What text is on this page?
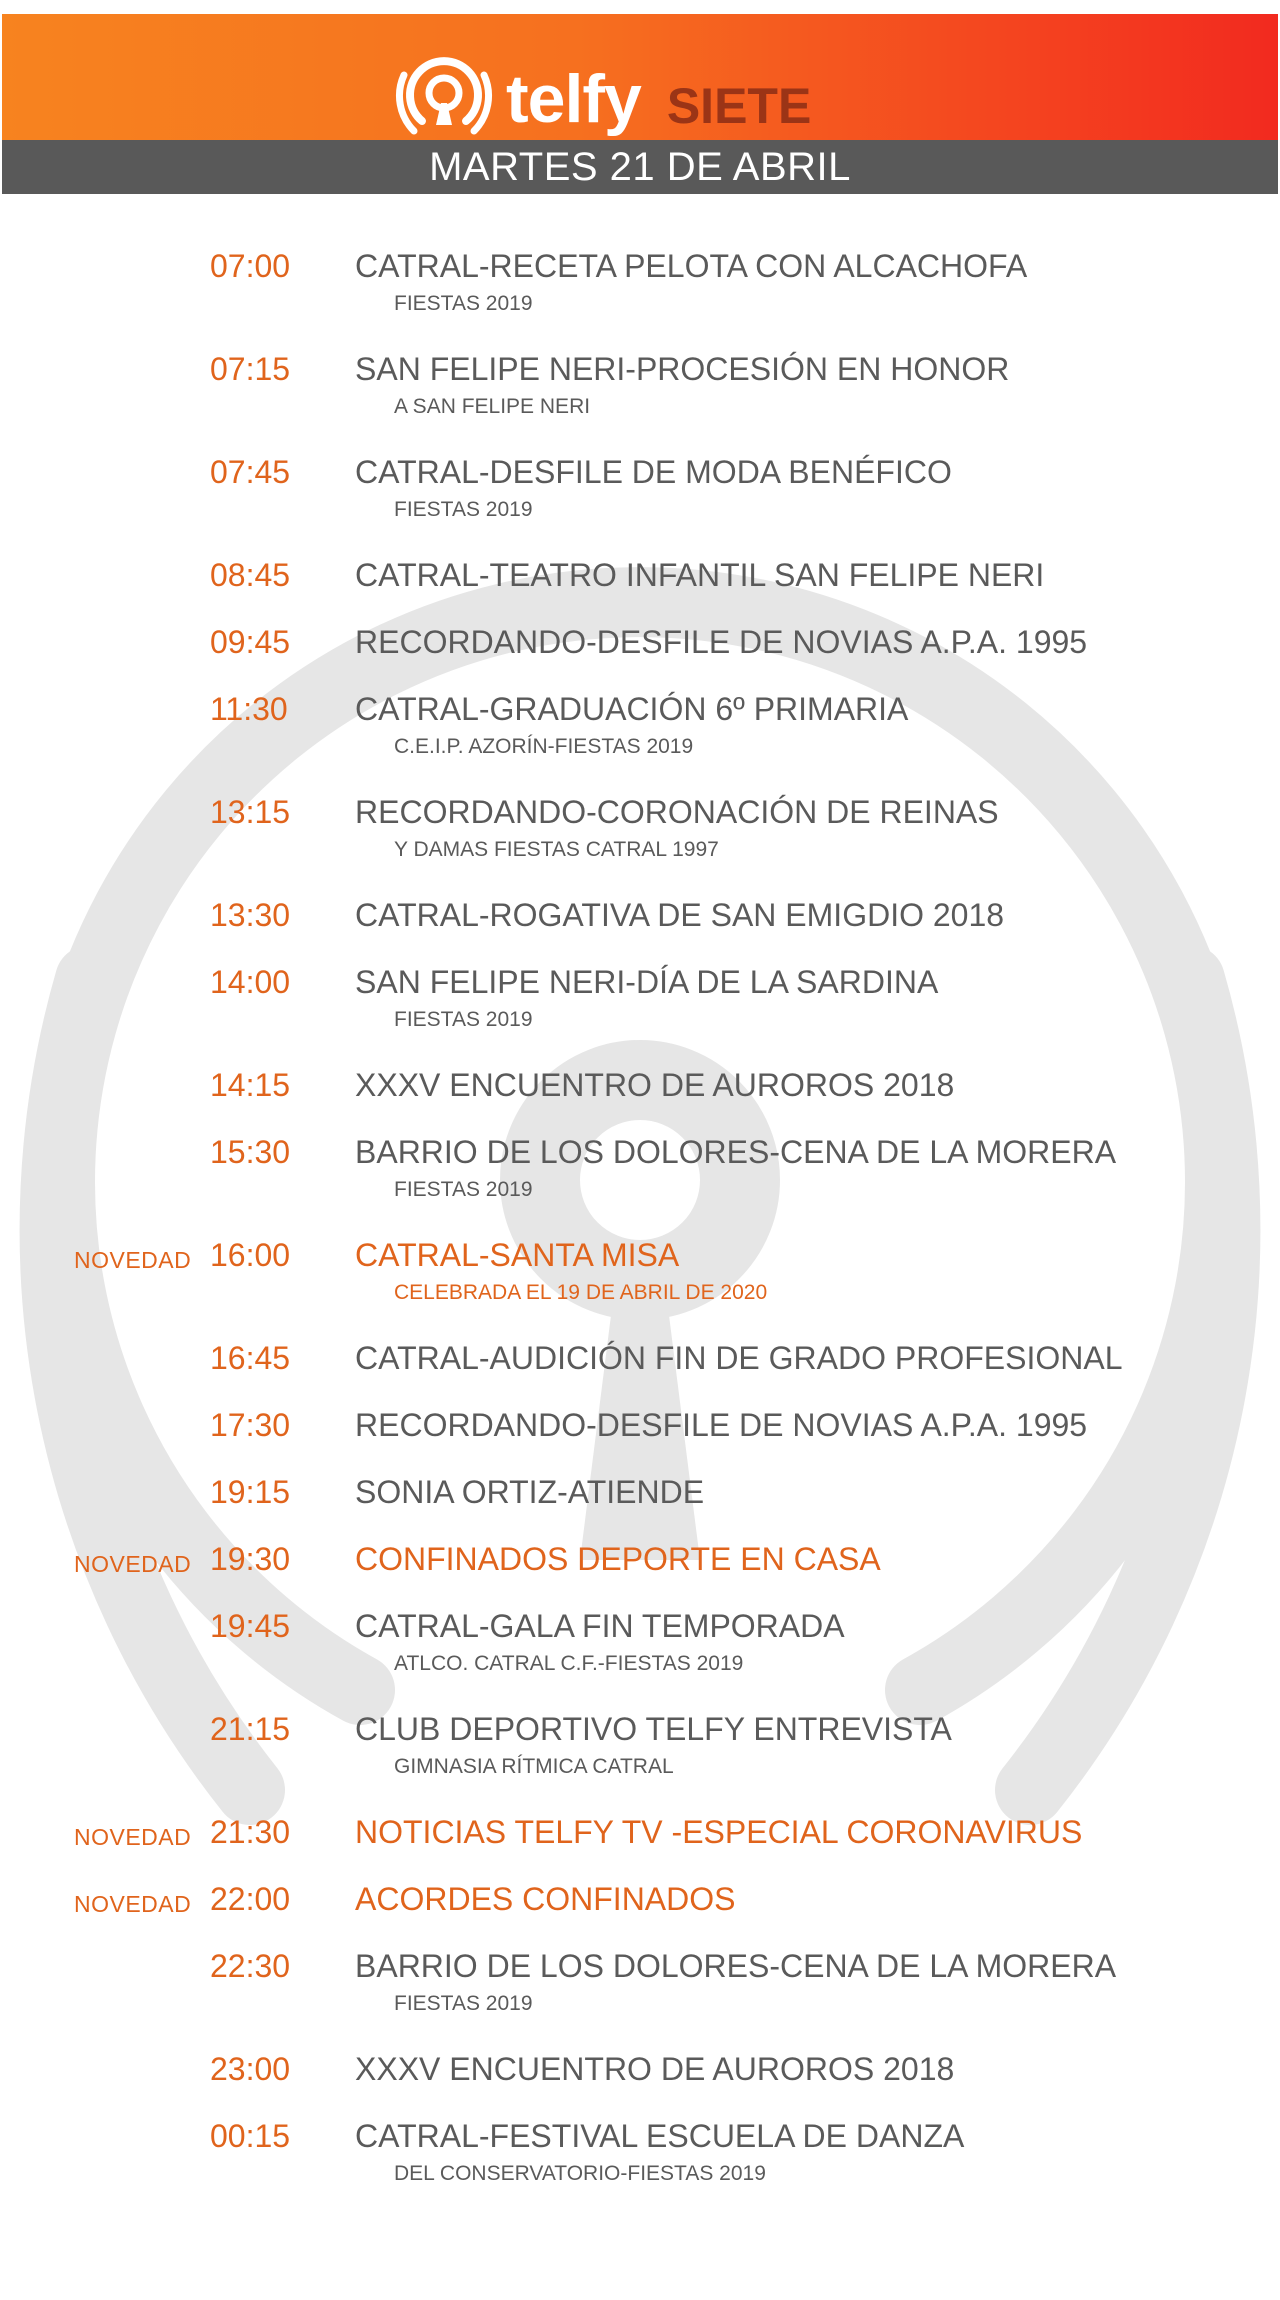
telfy SIETE
MARTES 21 DE ABRIL
07:00 CATRAL-RECETA PELOTA CON ALCACHOFA
FIESTAS 2019
07:15 SAN FELIPE NERI-PROCESIÓN EN HONOR
A SAN FELIPE NERI
07:45 CATRAL-DESFILE DE MODA BENÉFICO
FIESTAS 2019
08:45 CATRAL-TEATRO INFANTIL SAN FELIPE NERI
09:45 RECORDANDO-DESFILE DE NOVIAS A.P.A. 1995
11:30 CATRAL-GRADUACIÓN 6º PRIMARIA
C.E.I.P. AZORÍN-FIESTAS 2019
13:15 RECORDANDO-CORONACIÓN DE REINAS
Y DAMAS FIESTAS CATRAL 1997
13:30 CATRAL-ROGATIVA DE SAN EMIGDIO 2018
14:00 SAN FELIPE NERI-DÍA DE LA SARDINA
FIESTAS 2019
14:15 XXXV ENCUENTRO DE AUROROS 2018
15:30 BARRIO DE LOS DOLORES-CENA DE LA MORERA
FIESTAS 2019
NOVEDAD 16:00 CATRAL-SANTA MISA
CELEBRADA EL 19 DE ABRIL DE 2020
16:45 CATRAL-AUDICIÓN FIN DE GRADO PROFESIONAL
17:30 RECORDANDO-DESFILE DE NOVIAS A.P.A. 1995
19:15 SONIA ORTIZ-ATIENDE
NOVEDAD 19:30 CONFINADOS DEPORTE EN CASA
19:45 CATRAL-GALA FIN TEMPORADA
ATLCO. CATRAL C.F.-FIESTAS 2019
21:15 CLUB DEPORTIVO TELFY ENTREVISTA
GIMNASIA RÍTMICA CATRAL
NOVEDAD 21:30 NOTICIAS TELFY TV -ESPECIAL CORONAVIRUS
NOVEDAD 22:00 ACORDES CONFINADOS
22:30 BARRIO DE LOS DOLORES-CENA DE LA MORERA
FIESTAS 2019
23:00 XXXV ENCUENTRO DE AUROROS 2018
00:15 CATRAL-FESTIVAL ESCUELA DE DANZA
DEL CONSERVATORIO-FIESTAS 2019
